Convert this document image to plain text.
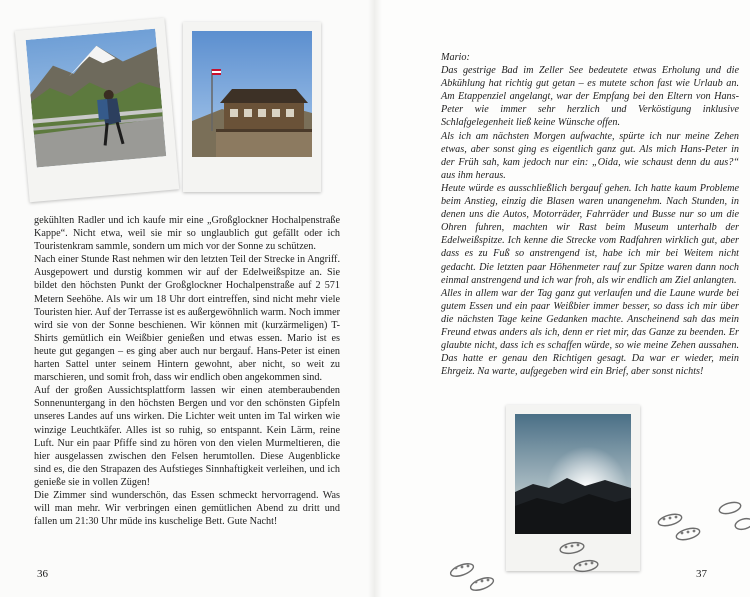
gekühlten Radler und ich kaufe mir eine „Großglockner Hochalpenstraße Kappe“. Nicht etwa, weil sie mir so unglaublich gut gefällt oder ich Touristenkram sammle, sondern um mich vor der Sonne zu schützen.

Nach einer Stunde Rast nehmen wir den letzten Teil der Strecke in Angriff. Ausgepowert und durstig kommen wir auf der Edelweißspitze an. Sie bildet den höchsten Punkt der Großglockner Hochalpenstraße auf 2 571 Metern Seehöhe. Als wir um 18 Uhr dort eintreffen, sind nicht mehr viele Touristen hier. Auf der Terrasse ist es außergewöhnlich warm. Noch immer wird sie von der Sonne beschienen. Wir können mit (kurzärmeligen) T-Shirts gemütlich ein Weißbier genießen und etwas essen. Mario ist es heute gut gegangen – es ging aber auch nur bergauf. Hans-Peter ist einen harten Sattel unter seinem Hintern gewohnt, aber nicht, so weit zu marschieren, und somit froh, dass wir endlich oben angekommen sind.

Auf der großen Aussichtsplattform lassen wir einen atemberaubenden Sonnenuntergang in den höchsten Bergen und vor den schönsten Gipfeln unseres Landes auf uns wirken. Die Lichter weit unten im Tal wirken wie winzige Leuchtkäfer. Alles ist so ruhig, so entspannt. Kein Lärm, reine Luft. Nur ein paar Pfiffe sind zu hören von den vielen Murmeltieren, die hier ausgelassen zwischen den Felsen herumtollen. Diese Augenblicke sind es, die den Strapazen des Aufstieges Sinnhaftigkeit verleihen, und ich genieße sie in vollen Zügen!

Die Zimmer sind wunderschön, das Essen schmeckt hervorragend. Was will man mehr. Wir verbringen einen gemütlichen Abend zu dritt und fallen um 21:30 Uhr müde ins kuschelige Bett. Gute Nacht!

36

Mario:

Das gestrige Bad im Zeller See bedeutete etwas Erholung und die Abkühlung hat richtig gut getan – es mutete schon fast wie Urlaub an. Am Etappenziel angelangt, war der Empfang bei den Eltern von Hans-Peter wie immer sehr herzlich und Verköstigung inklusive Schlafgelegenheit ließ keine Wünsche offen.

Als ich am nächsten Morgen aufwachte, spürte ich nur meine Zehen etwas, aber sonst ging es eigentlich ganz gut. Als mich Hans-Peter in der Früh sah, kam jedoch nur ein: „Oida, wie schaust denn du aus?“ aus ihm heraus.

Heute würde es ausschließlich bergauf gehen. Ich hatte kaum Probleme beim Anstieg, einzig die Blasen waren unangenehm. Nach Stunden, in denen uns die Autos, Motorräder, Fahrräder und Busse nur so um die Ohren fuhren, machten wir Rast beim Museum unterhalb der Edelweißspitze. Ich kenne die Strecke vom Radfahren wirklich gut, aber dass es zu Fuß so anstrengend ist, habe ich mir bei Weitem nicht gedacht. Die letzten paar Höhenmeter rauf zur Spitze waren dann noch einmal anstrengend und ich war froh, als wir endlich am Ziel anlangten.

Alles in allem war der Tag ganz gut verlaufen und die Laune wurde bei gutem Essen und ein paar Weißbier immer besser, so dass ich mir über die nächsten Tage keine Gedanken machte. Anscheinend sah das mein Freund etwas anders als ich, denn er riet mir, das Ganze zu beenden. Er glaubte nicht, dass ich es schaffen würde, so wie meine Zehen aussahen. Das hatte er genau den Richtigen gesagt. Da war er wieder, mein Ehrgeiz. Na warte, aufgegeben wird ein Brief, aber sonst nichts!

37
